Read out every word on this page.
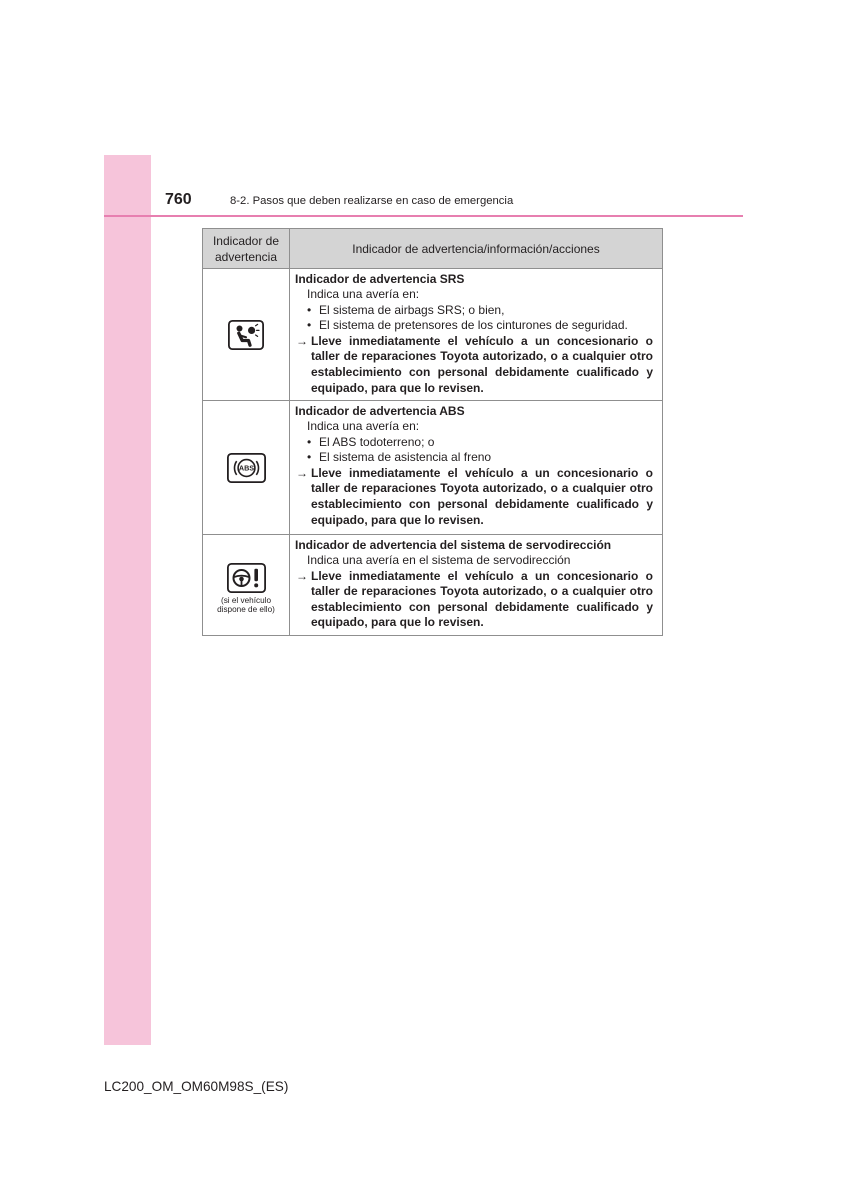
760	8-2. Pasos que deben realizarse en caso de emergencia
Indicador de advertencia
Indicador de advertencia/información/acciones
Indicador de advertencia SRS
Indica una avería en:
• El sistema de airbags SRS; o bien,
• El sistema de pretensores de los cinturones de seguridad.
→ Lleve inmediatamente el vehículo a un concesionario o taller de reparaciones Toyota autorizado, o a cualquier otro establecimiento con personal debidamente cualificado y equipado, para que lo revisen.
ABS
Indicador de advertencia ABS
Indica una avería en:
• El ABS todoterreno; o
• El sistema de asistencia al freno
→ Lleve inmediatamente el vehículo a un concesionario o taller de reparaciones Toyota autorizado, o a cualquier otro establecimiento con personal debidamente cualificado y equipado, para que lo revisen.
(si el vehículo dispone de ello)
Indicador de advertencia del sistema de servodirección
Indica una avería en el sistema de servodirección
→ Lleve inmediatamente el vehículo a un concesionario o taller de reparaciones Toyota autorizado, o a cualquier otro establecimiento con personal debidamente cualificado y equipado, para que lo revisen.
LC200_OM_OM60M98S_(ES)
